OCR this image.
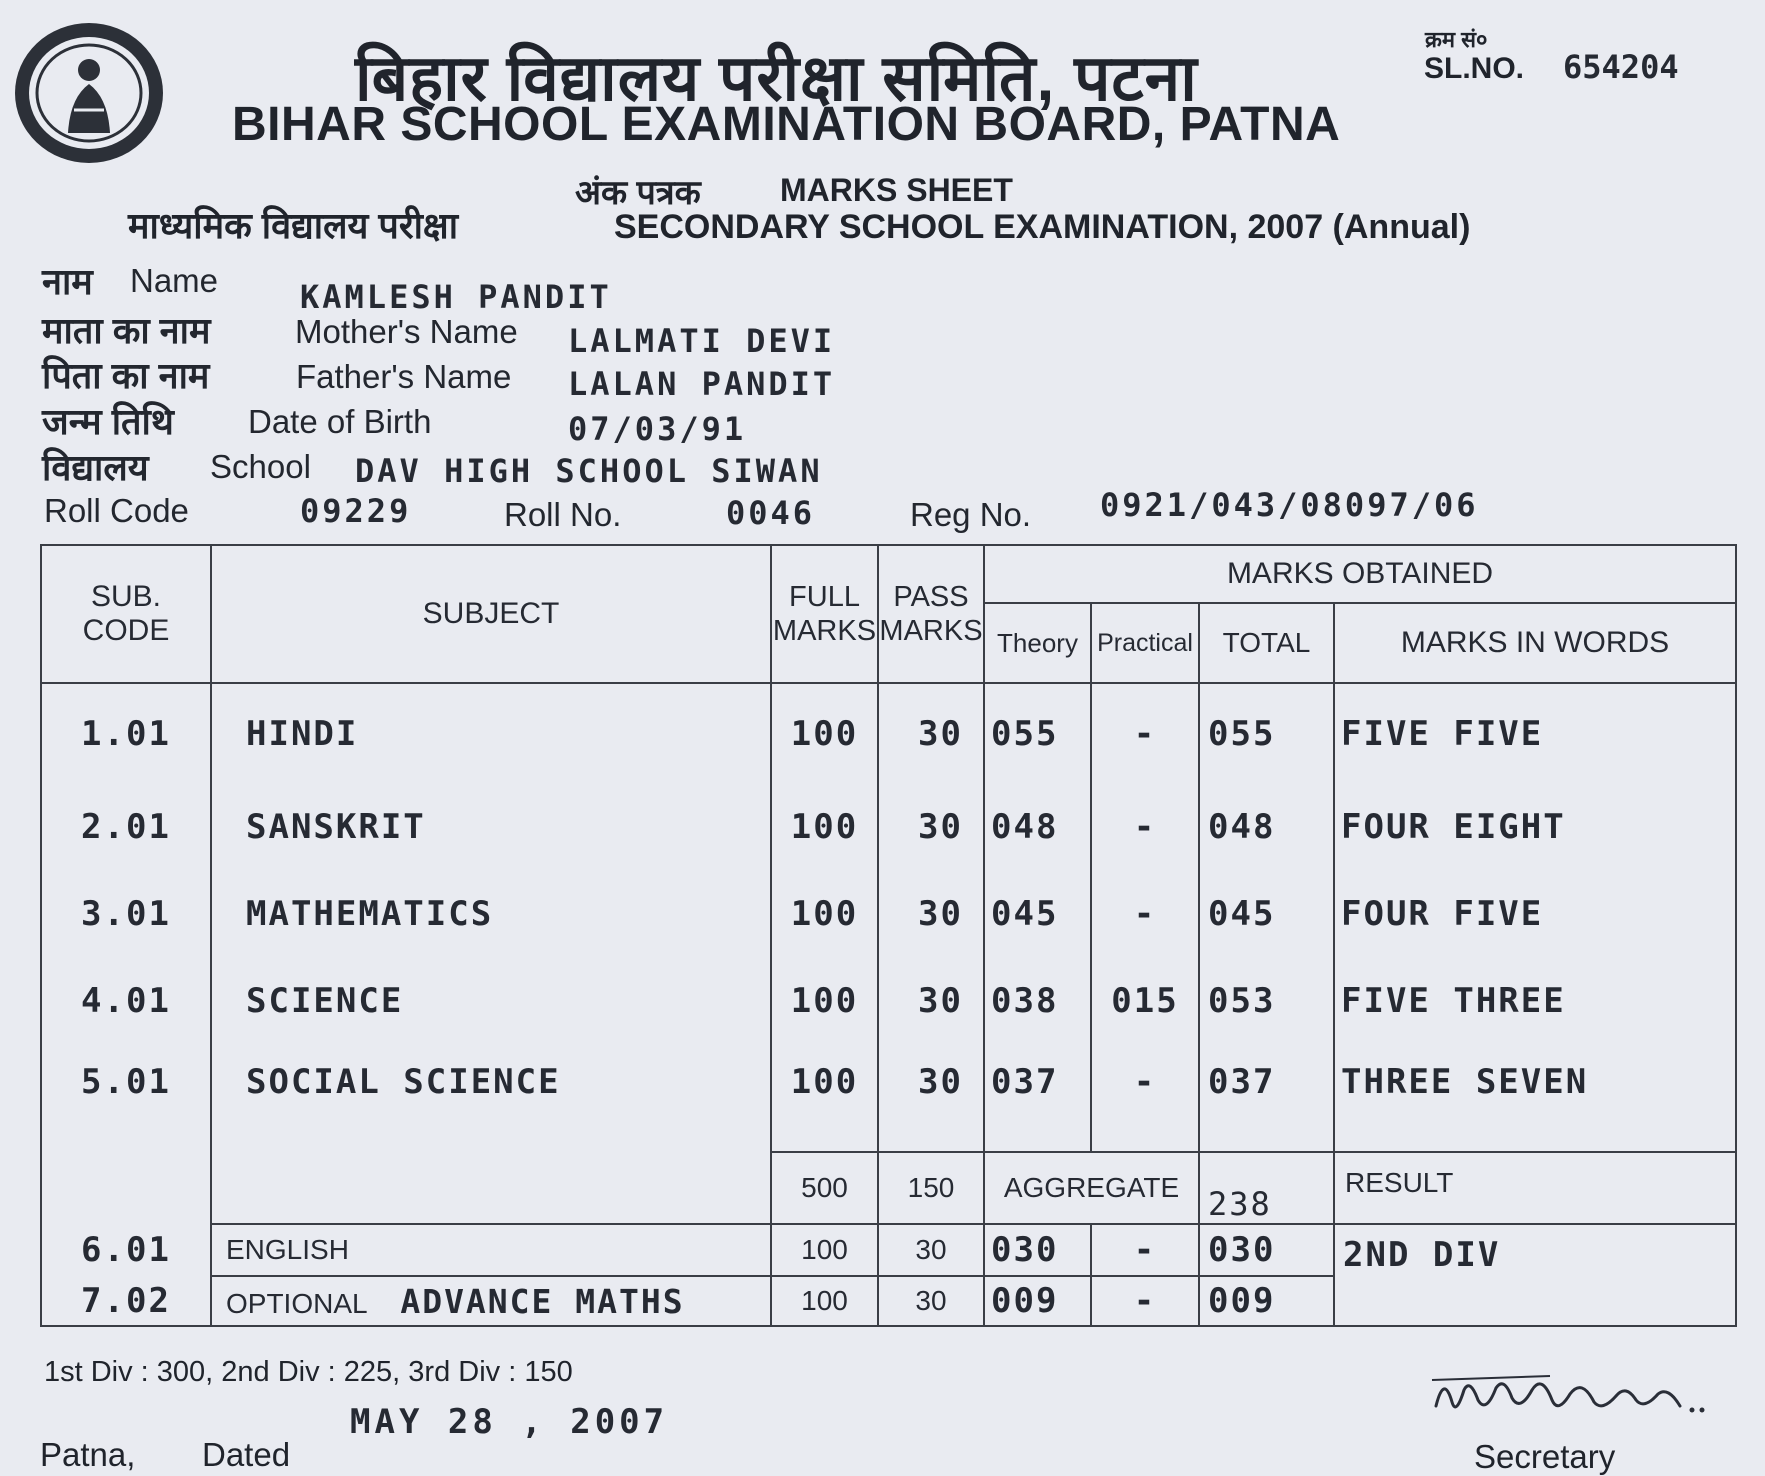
बिहार विद्यालय परीक्षा समिति, पटना
BIHAR SCHOOL EXAMINATION BOARD, PATNA
क्रम सं०
SL.NO. 654204
अंक पत्रक MARKS SHEET
माध्यमिक विद्यालय परीक्षा	SECONDARY SCHOOL EXAMINATION, 2007 (Annual)
नाम Name	KAMLESH PANDIT
माता का नाम	Mother's Name LALMATI DEVI
पिता का नाम	Father's Name LALAN PANDIT
जन्म तिथि Date of Birth	07/03/91
विद्यालय School DAV HIGH SCHOOL SIWAN
Roll Code	09229	Roll No.	0046	Reg No. 0921/043/08097/06
SUB. CODE	SUBJECT	FULL MARKS	PASS MARKS	MARKS OBTAINED			
				Theory	Practical	TOTAL	MARKS IN WORDS
1.01	HINDI	100	30	055	-	055	FIVE FIVE
2.01	SANSKRIT	100	30	048	-	048	FOUR EIGHT
3.01	MATHEMATICS	100	30	045	-	045	FOUR FIVE
4.01	SCIENCE	100	30	038	015	053	FIVE THREE
5.01	SOCIAL SCIENCE	100	30	037	-	037	THREE SEVEN
		500	150	AGGREGATE		238	RESULT
6.01	ENGLISH	100	30	030	-	030	2ND DIV
7.02	OPTIONAL ADVANCE MATHS	100	30	009	-	009	
1st Div : 300, 2nd Div : 225, 3rd Div : 150
MAY 28 , 2007
Patna, Dated	Secretary
